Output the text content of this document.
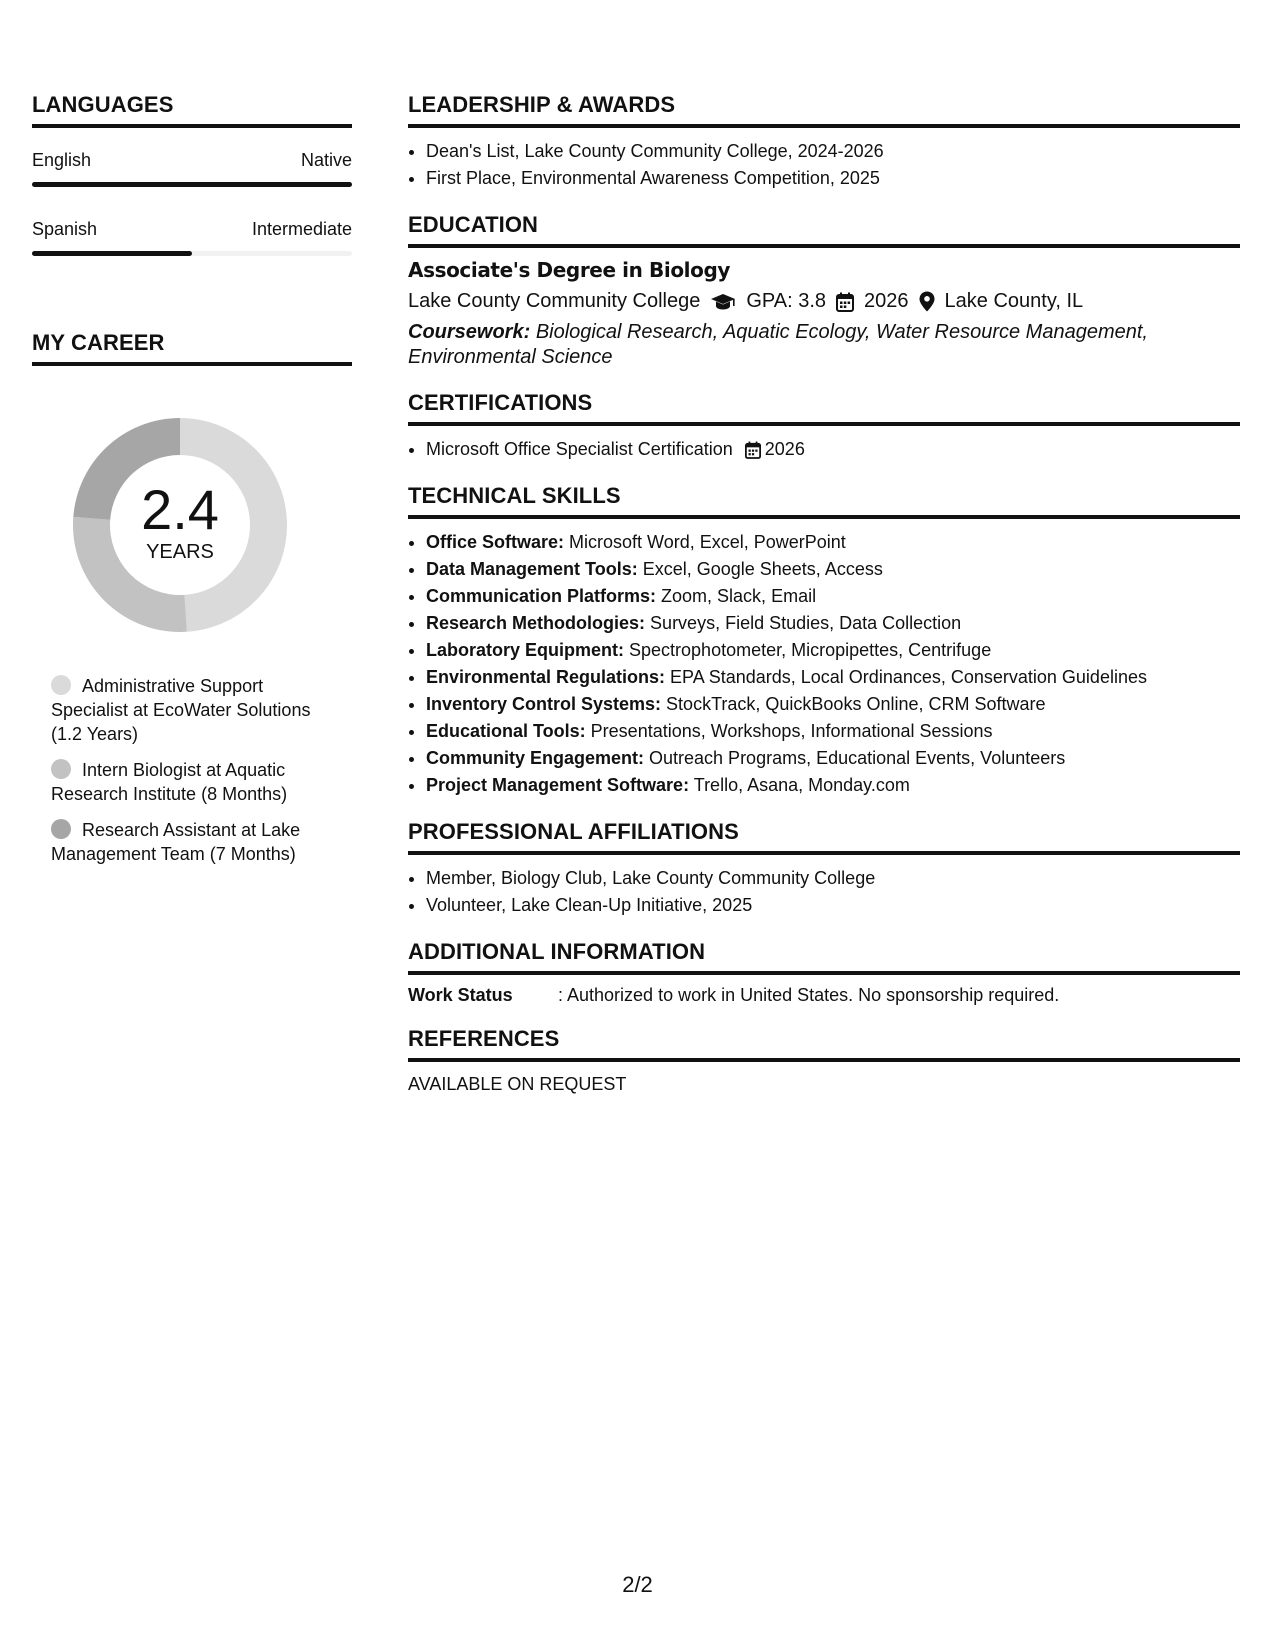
LANGUAGES
English	Native
Spanish	Intermediate
MY CAREER
2.4
YEARS
Administrative Support Specialist at EcoWater Solutions (1.2 Years)
Intern Biologist at Aquatic Research Institute (8 Months)
Research Assistant at Lake Management Team (7 Months)
LEADERSHIP & AWARDS
• Dean's List, Lake County Community College, 2024-2026
• First Place, Environmental Awareness Competition, 2025
EDUCATION
Associate's Degree in Biology
Lake County Community College GPA: 3.8 2026 Lake County, IL
Coursework: Biological Research, Aquatic Ecology, Water Resource Management, Environmental Science
CERTIFICATIONS
• Microsoft Office Specialist Certification 2026
TECHNICAL SKILLS
• Office Software: Microsoft Word, Excel, PowerPoint
• Data Management Tools: Excel, Google Sheets, Access
• Communication Platforms: Zoom, Slack, Email
• Research Methodologies: Surveys, Field Studies, Data Collection
• Laboratory Equipment: Spectrophotometer, Micropipettes, Centrifuge
• Environmental Regulations: EPA Standards, Local Ordinances, Conservation Guidelines
• Inventory Control Systems: StockTrack, QuickBooks Online, CRM Software
• Educational Tools: Presentations, Workshops, Informational Sessions
• Community Engagement: Outreach Programs, Educational Events, Volunteers
• Project Management Software: Trello, Asana, Monday.com
PROFESSIONAL AFFILIATIONS
• Member, Biology Club, Lake County Community College
• Volunteer, Lake Clean-Up Initiative, 2025
ADDITIONAL INFORMATION
Work Status	: Authorized to work in United States. No sponsorship required.
REFERENCES
AVAILABLE ON REQUEST
2/2
